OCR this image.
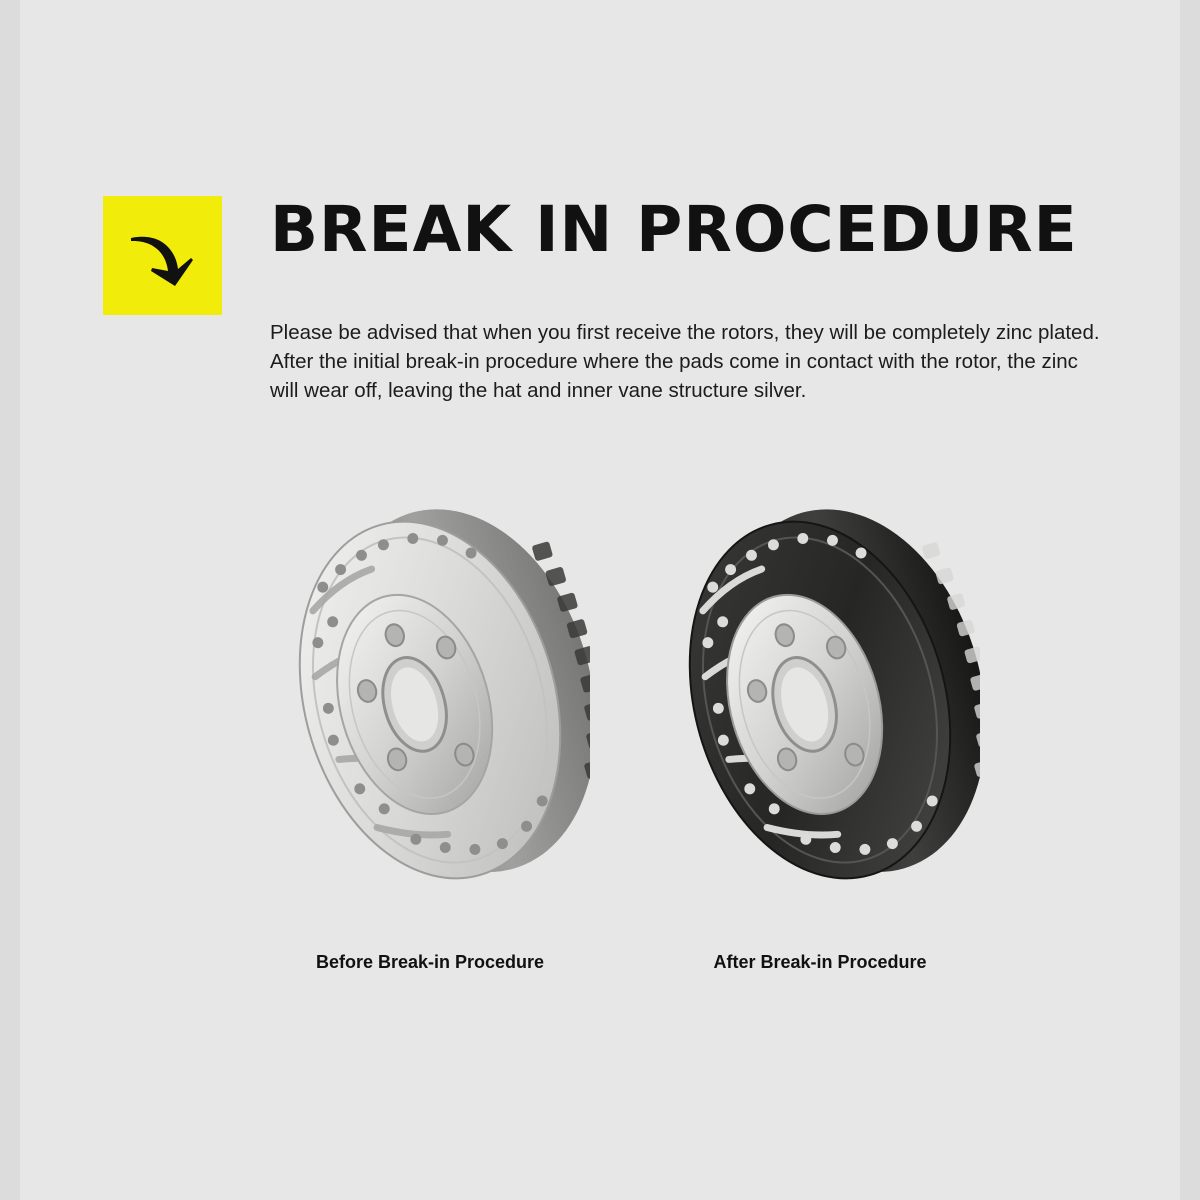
BREAK IN PROCEDURE
Please be advised that when you first receive the rotors, they will be completely zinc plated. After the initial break-in procedure where the pads come in contact with the rotor, the zinc will wear off, leaving the hat and inner vane structure silver.
Before Break-in Procedure	After Break-in Procedure
